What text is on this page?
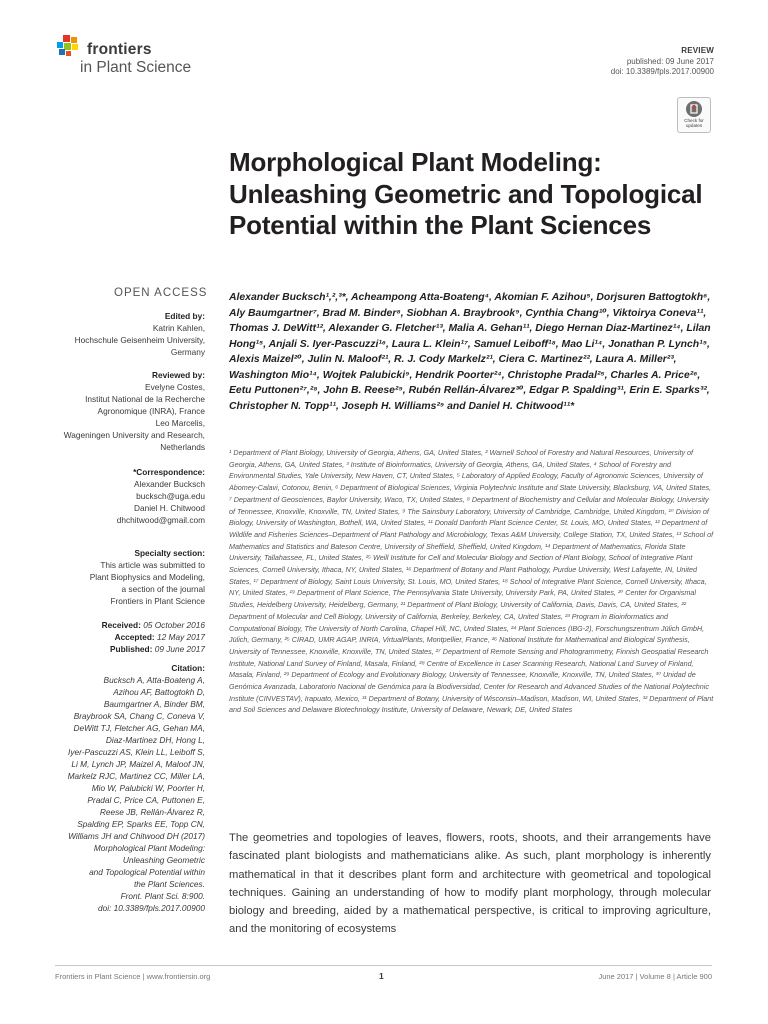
frontiers
in Plant Science
REVIEW
published: 09 June 2017
doi: 10.3389/fpls.2017.00900
Check for updates
Morphological Plant Modeling: Unleashing Geometric and Topological Potential within the Plant Sciences
OPEN ACCESS
Edited by:
Katrin Kahlen,
Hochschule Geisenheim University,
Germany
Reviewed by:
Evelyne Costes,
Institut National de la Recherche
Agronomique (INRA), France
Leo Marcelis,
Wageningen University and Research,
Netherlands
*Correspondence:
Alexander Bucksch
bucksch@uga.edu
Daniel H. Chitwood
dhchitwood@gmail.com
Specialty section:
This article was submitted to
Plant Biophysics and Modeling,
a section of the journal
Frontiers in Plant Science
Received: 05 October 2016
Accepted: 12 May 2017
Published: 09 June 2017
Citation:
Bucksch A, Atta-Boateng A,
Azihou AF, Battogtokh D,
Baumgartner A, Binder BM,
Braybrook SA, Chang C, Coneva V,
DeWitt TJ, Fletcher AG, Gehan MA,
Diaz-Martinez DH, Hong L,
Iyer-Pascuzzi AS, Klein LL, Leiboff S,
Li M, Lynch JP, Maizel A, Maloof JN,
Markelz RJC, Martinez CC, Miller LA,
Mio W, Palubicki W, Poorter H,
Pradal C, Price CA, Puttonen E,
Reese JB, Rellán-Álvarez R,
Spalding EP, Sparks EE, Topp CN,
Williams JH and Chitwood DH (2017)
Morphological Plant Modeling:
Unleashing Geometric
and Topological Potential within
the Plant Sciences.
Front. Plant Sci. 8:900.
doi: 10.3389/fpls.2017.00900
Alexander Bucksch¹,²,³*, Acheampong Atta-Boateng⁴, Akomian F. Azihou⁵, Dorjsuren Battogtokh⁶, Aly Baumgartner⁷, Brad M. Binder⁸, Siobhan A. Braybrook⁹, Cynthia Chang¹⁰, Viktoirya Coneva¹¹, Thomas J. DeWitt¹², Alexander G. Fletcher¹³, Malia A. Gehan¹¹, Diego Hernan Diaz-Martinez¹⁴, Lilan Hong¹⁵, Anjali S. Iyer-Pascuzzi¹⁶, Laura L. Klein¹⁷, Samuel Leiboff¹⁸, Mao Li¹⁴, Jonathan P. Lynch¹⁹, Alexis Maizel²⁰, Julin N. Maloof²¹, R. J. Cody Markelz²¹, Ciera C. Martinez²², Laura A. Miller²³, Washington Mio¹⁴, Wojtek Palubicki⁹, Hendrik Poorter²⁴, Christophe Pradal²⁵, Charles A. Price²⁶, Eetu Puttonen²⁷,²⁸, John B. Reese²⁹, Rubén Rellán-Álvarez³⁰, Edgar P. Spalding³¹, Erin E. Sparks³², Christopher N. Topp¹¹, Joseph H. Williams²⁹ and Daniel H. Chitwood¹¹*
¹ Department of Plant Biology, University of Georgia, Athens, GA, United States, ² Warnell School of Forestry and Natural Resources, University of Georgia, Athens, GA, United States, ³ Institute of Bioinformatics, University of Georgia, Athens, GA, United States, ⁴ School of Forestry and Environmental Studies, Yale University, New Haven, CT, United States, ⁵ Laboratory of Applied Ecology, Faculty of Agronomic Sciences, University of Abomey-Calavi, Cotonou, Benin, ⁶ Department of Biological Sciences, Virginia Polytechnic Institute and State University, Blacksburg, VA, United States, ⁷ Department of Geosciences, Baylor University, Waco, TX, United States, ⁸ Department of Biochemistry and Cellular and Molecular Biology, University of Tennessee, Knoxville, Knoxville, TN, United States, ⁹ The Sainsbury Laboratory, University of Cambridge, Cambridge, United Kingdom, ¹⁰ Division of Biology, University of Washington, Bothell, WA, United States, ¹¹ Donald Danforth Plant Science Center, St. Louis, MO, United States, ¹² Department of Wildlife and Fisheries Sciences–Department of Plant Pathology and Microbiology, Texas A&M University, College Station, TX, United States, ¹³ School of Mathematics and Statistics and Bateson Centre, University of Sheffield, Sheffield, United Kingdom, ¹⁴ Department of Mathematics, Florida State University, Tallahassee, FL, United States, ¹⁵ Weill Institute for Cell and Molecular Biology and Section of Plant Biology, School of Integrative Plant Sciences, Cornell University, Ithaca, NY, United States, ¹⁶ Department of Botany and Plant Pathology, Purdue University, West Lafayette, IN, United States, ¹⁷ Department of Biology, Saint Louis University, St. Louis, MO, United States, ¹⁸ School of Integrative Plant Science, Cornell University, Ithaca, NY, United States, ¹⁹ Department of Plant Science, The Pennsylvania State University, University Park, PA, United States, ²⁰ Center for Organismal Studies, Heidelberg University, Heidelberg, Germany, ²¹ Department of Plant Biology, University of California, Davis, Davis, CA, United States, ²² Department of Molecular and Cell Biology, University of California, Berkeley, Berkeley, CA, United States, ²³ Program in Bioinformatics and Computational Biology, The University of North Carolina, Chapel Hill, NC, United States, ²⁴ Plant Sciences (IBG-2), Forschungszentrum Jülich GmbH, Jülich, Germany, ²⁵ CIRAD, UMR AGAP, INRIA, VirtualPlants, Montpellier, France, ²⁶ National Institute for Mathematical and Biological Synthesis, University of Tennessee, Knoxville, Knoxville, TN, United States, ²⁷ Department of Remote Sensing and Photogrammetry, Finnish Geospatial Research Institute, National Land Survey of Finland, Masala, Finland, ²⁸ Centre of Excellence in Laser Scanning Research, National Land Survey of Finland, Masala, Finland, ²⁹ Department of Ecology and Evolutionary Biology, University of Tennessee, Knoxville, Knoxville, TN, United States, ³⁰ Unidad de Genómica Avanzada, Laboratorio Nacional de Genómica para la Biodiversidad, Center for Research and Advanced Studies of the National Polytechnic Institute (CINVESTAV), Irapuato, Mexico, ³¹ Department of Botany, University of Wisconsin–Madison, Madison, WI, United States, ³² Department of Plant and Soil Sciences and Delaware Biotechnology Institute, University of Delaware, Newark, DE, United States
The geometries and topologies of leaves, flowers, roots, shoots, and their arrangements have fascinated plant biologists and mathematicians alike. As such, plant morphology is inherently mathematical in that it describes plant form and architecture with geometrical and topological techniques. Gaining an understanding of how to modify plant morphology, through molecular biology and breeding, aided by a mathematical perspective, is critical to improving agriculture, and the monitoring of ecosystems
Frontiers in Plant Science | www.frontiersin.org	1	June 2017 | Volume 8 | Article 900
